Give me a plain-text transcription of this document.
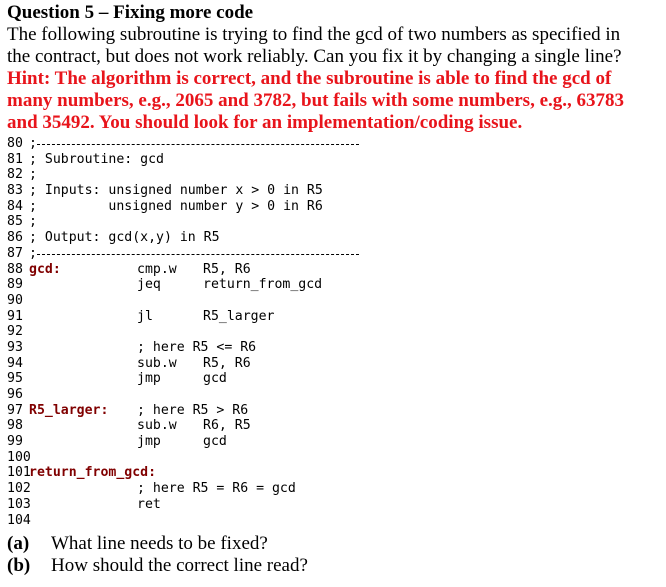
Question 5 – Fixing more code

The following subroutine is trying to find the gcd of two numbers as specified in

the contract, but does not work reliably. Can you fix it by changing a single line?

Hint: The algorithm is correct, and the subroutine is able to find the gcd of

many numbers, e.g., 2065 and 3782, but fails with some numbers, e.g., 63783

and 35492. You should look for an implementation/coding issue.

80 ;
81 ; Subroutine: gcd
82 ;
83 ; Inputs: unsigned number x > 0 in R5
84 ;         unsigned number y > 0 in R6
85 ;
86 ; Output: gcd(x,y) in R5
87 ;
88 gcd:	cmp.w	R5, R6
89	jeq	return_from_gcd
90
91	jl	R5_larger
92
93	; here R5 <= R6
94	sub.w	R5, R6
95	jmp	gcd
96
97 R5_larger:	; here R5 > R6
98	sub.w	R6, R5
99	jmp	gcd
100
101
return_from_gcd:
102	; here R5 = R6 = gcd
103	ret
104
(a)	What line needs to be fixed?
(b)	How should the correct line read?
